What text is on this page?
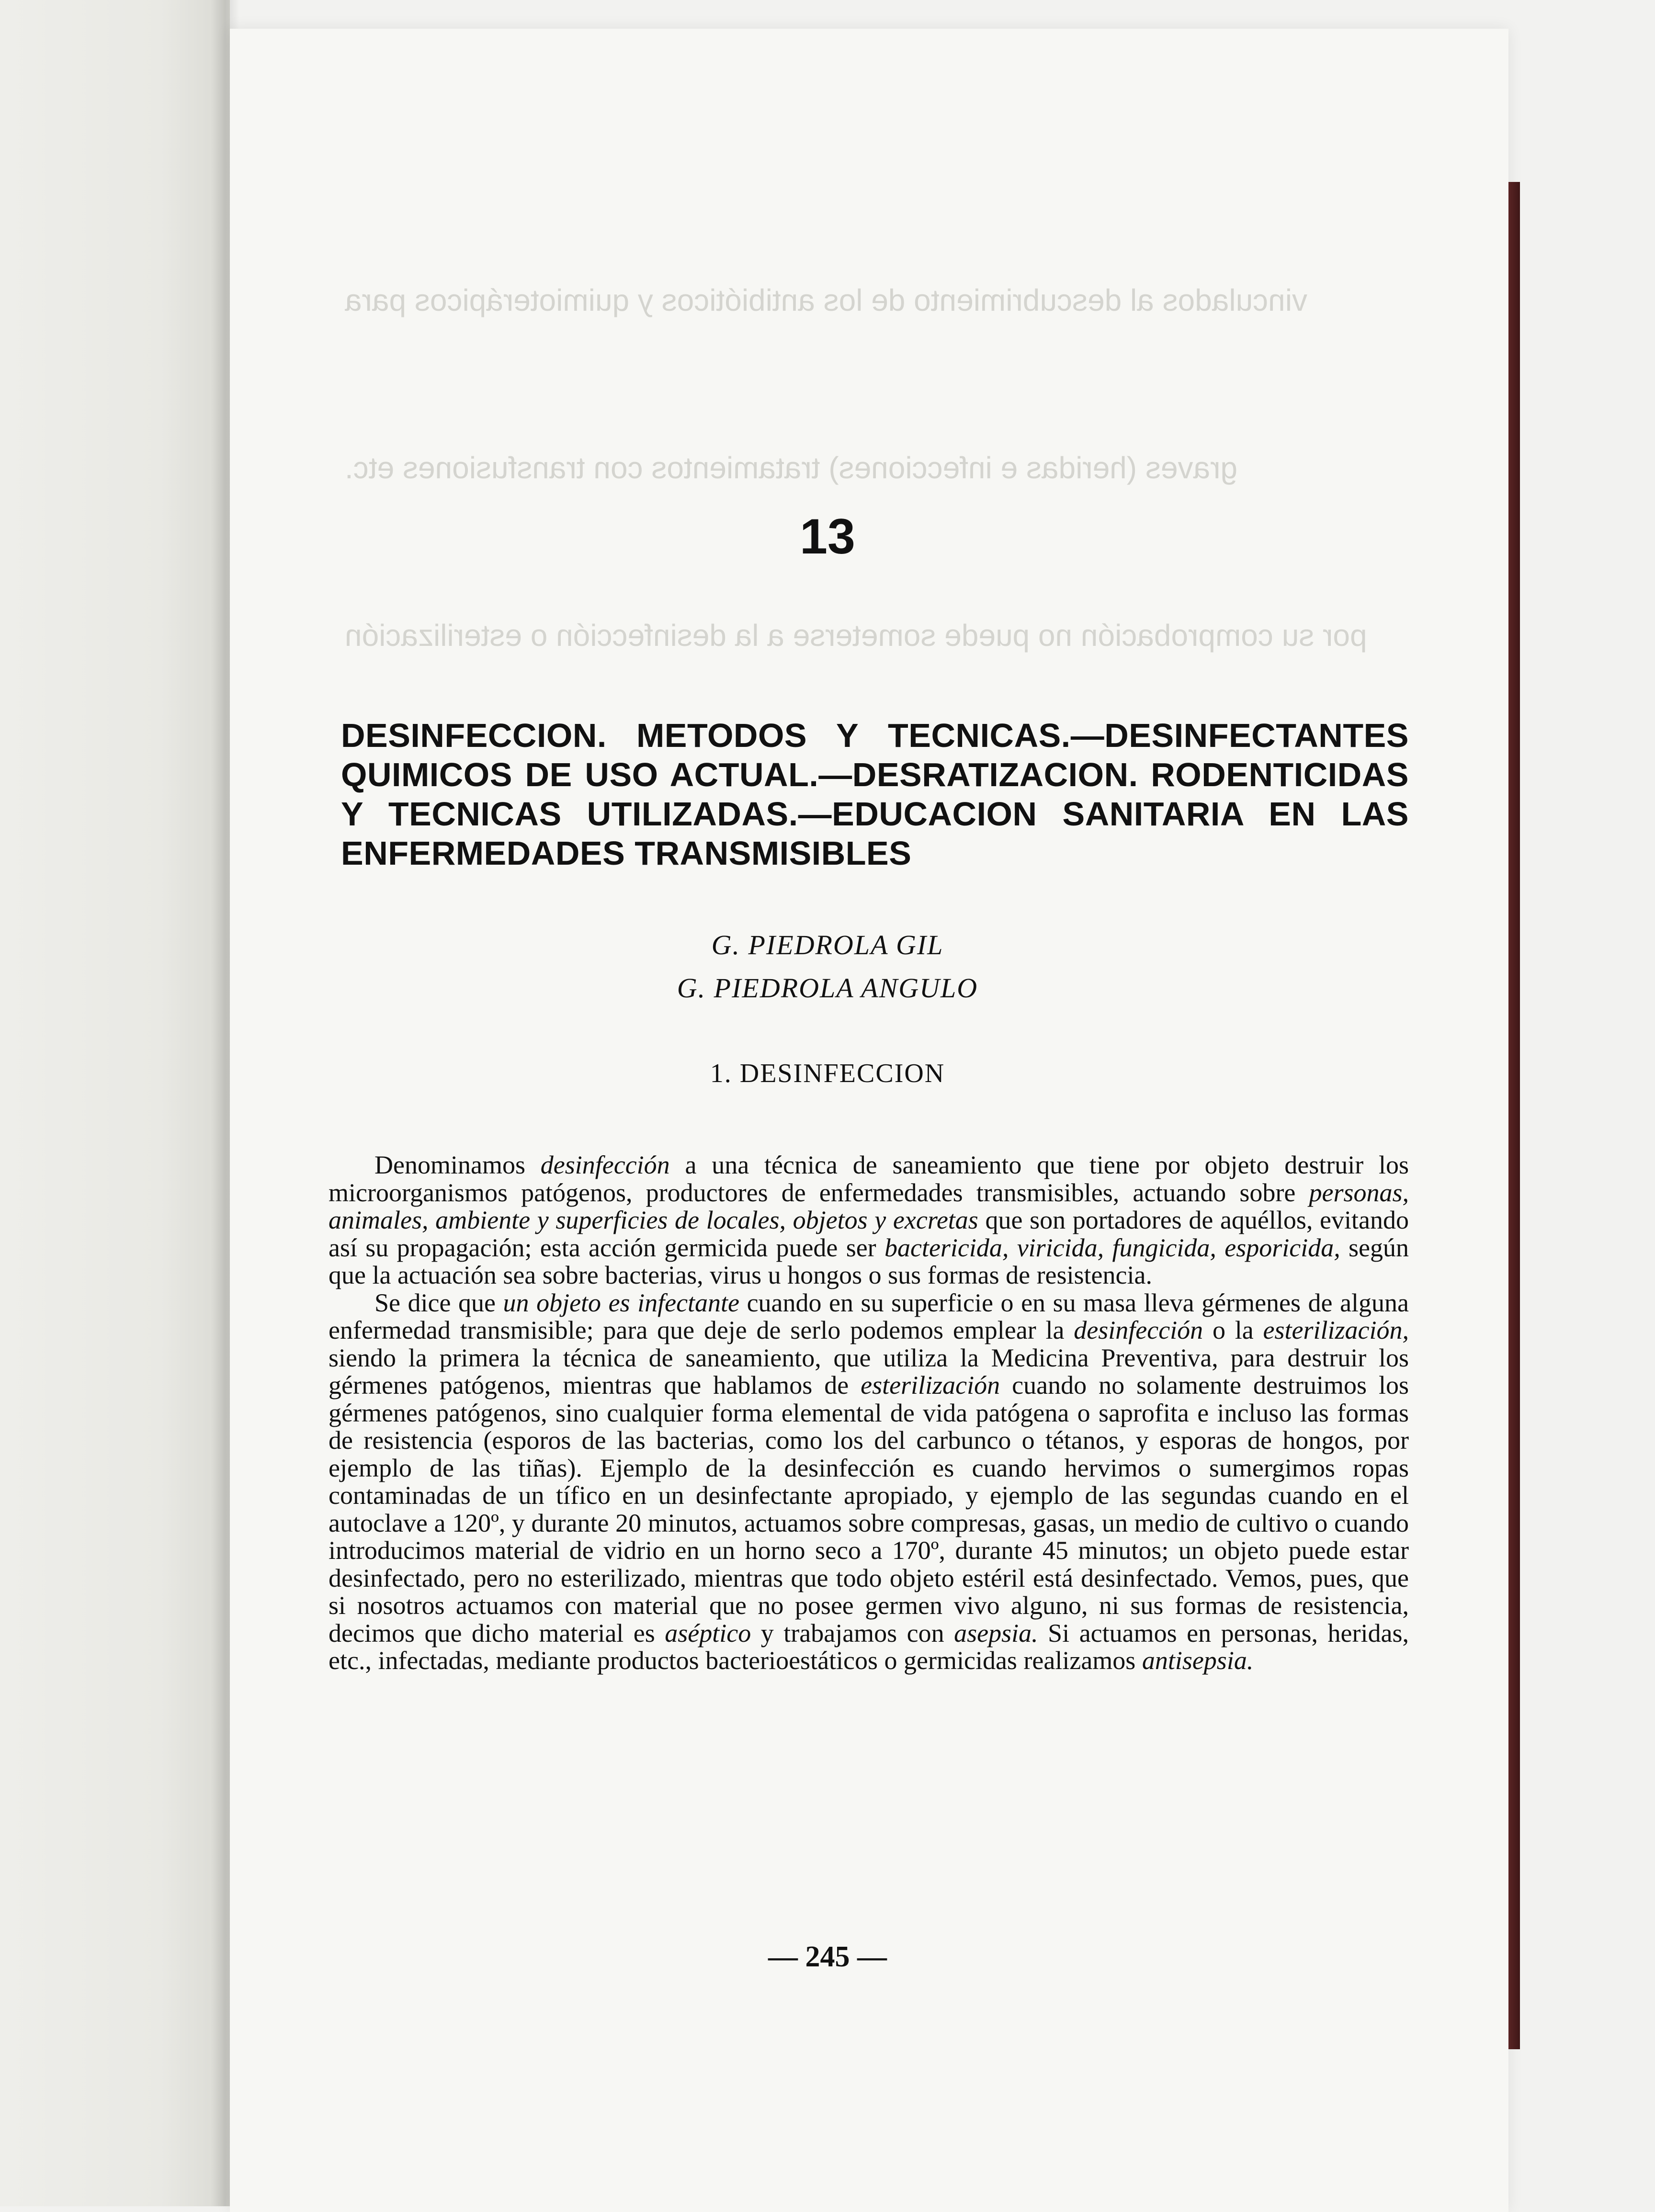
vinculados al descubrimiento de los antibióticos y quimioterápicos para
graves (heridas e infecciones) tratamientos con transfusiones etc.
por su comprobación no puede someterse a la desinfección o esterilización
13
DESINFECCION. METODOS Y TECNICAS.—DESINFECTANTES QUIMICOS DE USO ACTUAL.—DESRATIZACION. RODENTICIDAS Y TECNICAS UTILIZADAS.—EDUCACION SANITARIA EN LAS ENFERMEDADES TRANSMISIBLES
G. PIEDROLA GIL
G. PIEDROLA ANGULO
1. DESINFECCION

Denominamos desinfección a una técnica de saneamiento que tiene por objeto destruir los microorganismos patógenos, productores de enfermedades transmisibles, actuando sobre personas, animales, ambiente y superficies de locales, objetos y excretas que son portadores de aquéllos, evitando así su propagación; esta acción germicida puede ser bactericida, viricida, fungicida, esporicida, según que la actuación sea sobre bacterias, virus u hongos o sus formas de resistencia.

Se dice que un objeto es infectante cuando en su superficie o en su masa lleva gérmenes de alguna enfermedad transmisible; para que deje de serlo podemos emplear la desinfección o la esterilización, siendo la primera la técnica de saneamiento, que utiliza la Medicina Preventiva, para destruir los gérmenes patógenos, mientras que hablamos de esterilización cuando no solamente destruimos los gérmenes patógenos, sino cualquier forma elemental de vida patógena o saprofita e incluso las formas de resistencia (esporos de las bacterias, como los del carbunco o tétanos, y esporas de hongos, por ejemplo de las tiñas). Ejemplo de la desinfección es cuando hervimos o sumergimos ropas contaminadas de un tífico en un desinfectante apropiado, y ejemplo de las segundas cuando en el autoclave a 120º, y durante 20 minutos, actuamos sobre compresas, gasas, un medio de cultivo o cuando introducimos material de vidrio en un horno seco a 170º, durante 45 minutos; un objeto puede estar desinfectado, pero no esterilizado, mientras que todo objeto estéril está desinfectado. Vemos, pues, que si nosotros actuamos con material que no posee germen vivo alguno, ni sus formas de resistencia, decimos que dicho material es aséptico y trabajamos con asepsia. Si actuamos en personas, heridas, etc., infectadas, mediante productos bacterioestáticos o germicidas realizamos antisepsia.

— 245 —
